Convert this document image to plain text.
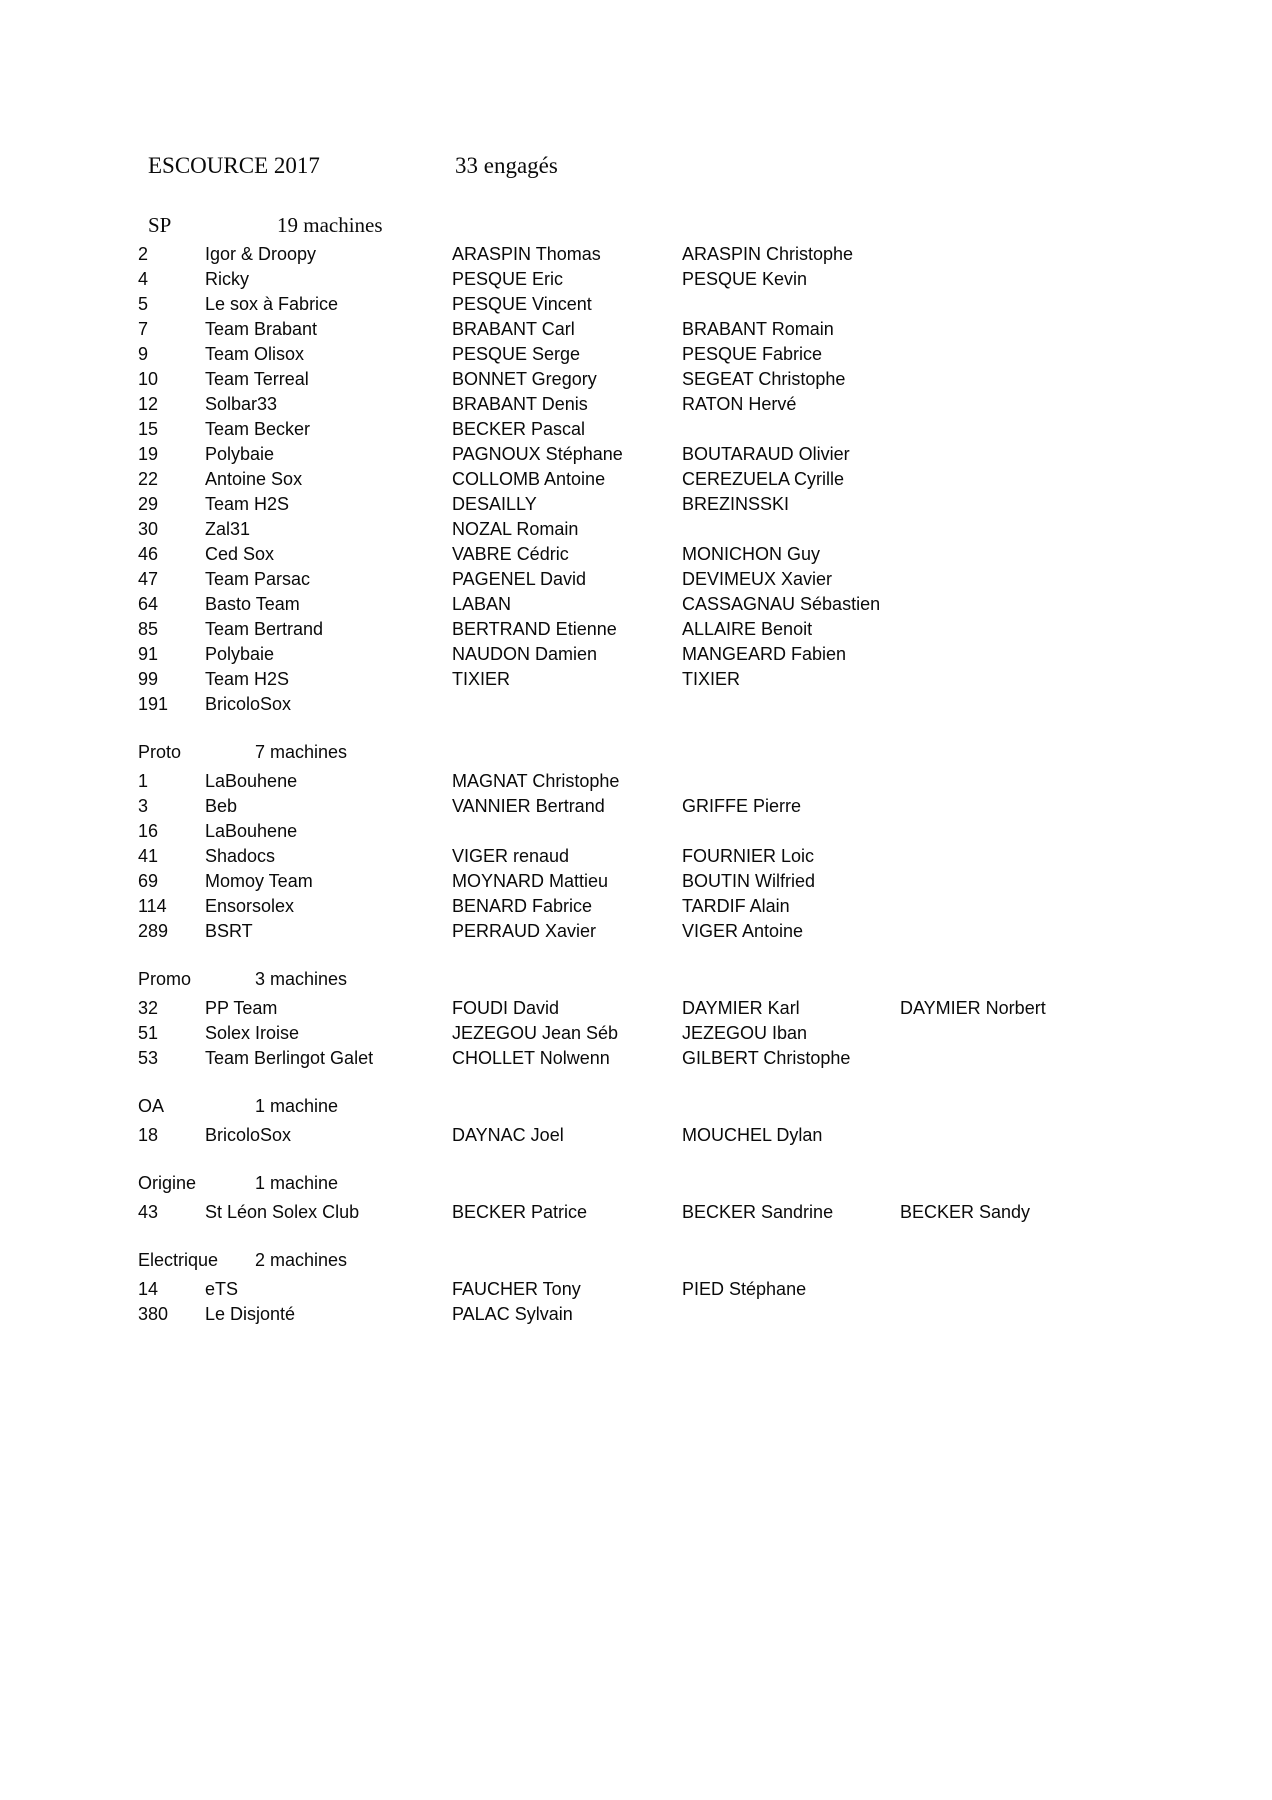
ESCOURCE 2017	33 engagés
SP	19 machines
2	Igor & Droopy	ARASPIN Thomas	ARASPIN Christophe
4	Ricky	PESQUE Eric	PESQUE Kevin
5	Le sox à Fabrice	PESQUE Vincent
7	Team Brabant	BRABANT Carl	BRABANT Romain
9	Team Olisox	PESQUE Serge	PESQUE Fabrice
10	Team Terreal	BONNET Gregory	SEGEAT Christophe
12	Solbar33	BRABANT Denis	RATON Hervé
15	Team Becker	BECKER Pascal
19	Polybaie	PAGNOUX Stéphane	BOUTARAUD Olivier
22	Antoine Sox	COLLOMB Antoine	CEREZUELA Cyrille
29	Team H2S	DESAILLY	BREZINSSKI
30	Zal31	NOZAL Romain
46	Ced Sox	VABRE Cédric	MONICHON Guy
47	Team Parsac	PAGENEL David	DEVIMEUX Xavier
64	Basto Team	LABAN	CASSAGNAU Sébastien
85	Team Bertrand	BERTRAND Etienne	ALLAIRE Benoit
91	Polybaie	NAUDON Damien	MANGEARD Fabien
99	Team H2S	TIXIER	TIXIER
191	BricoloSox
Proto	7 machines
1	LaBouhene	MAGNAT Christophe
3	Beb	VANNIER Bertrand	GRIFFE Pierre
16	LaBouhene
41	Shadocs	VIGER renaud	FOURNIER Loic
69	Momoy Team	MOYNARD Mattieu	BOUTIN Wilfried
114	Ensorsolex	BENARD Fabrice	TARDIF Alain
289	BSRT	PERRAUD Xavier	VIGER Antoine
Promo	3 machines
32	PP Team	FOUDI David	DAYMIER Karl	DAYMIER Norbert
51	Solex Iroise	JEZEGOU Jean Séb	JEZEGOU Iban
53	Team Berlingot Galet	CHOLLET Nolwenn	GILBERT Christophe
OA	1 machine
18	BricoloSox	DAYNAC Joel	MOUCHEL Dylan
Origine	1 machine
43	St Léon Solex Club	BECKER Patrice	BECKER Sandrine	BECKER Sandy
Electrique 2 machines
14	eTS	FAUCHER Tony	PIED Stéphane
380	Le Disjonté	PALAC Sylvain
